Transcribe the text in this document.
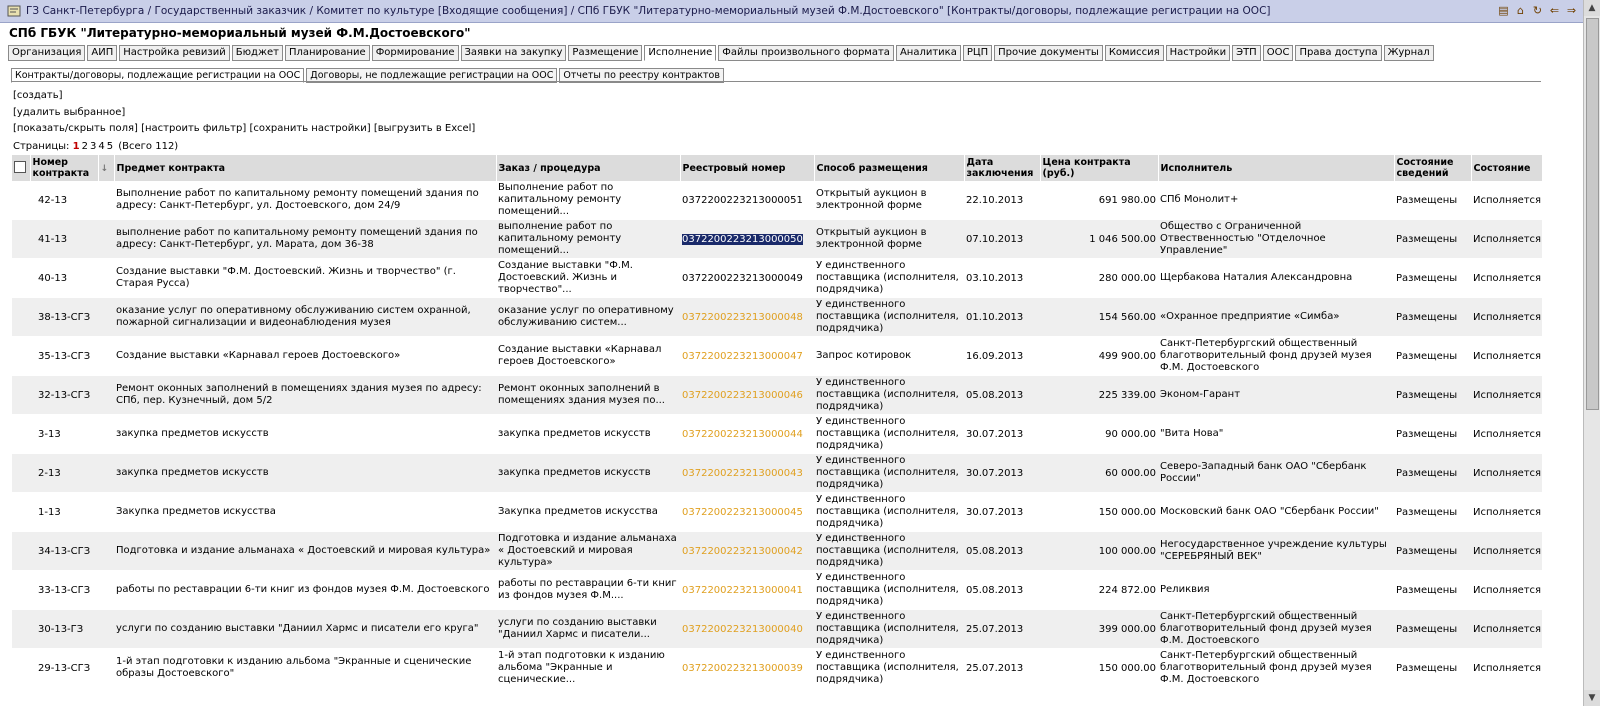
ГЗ Санкт-Петербурга / Государственный заказчик / Комитет по культуре [Входящие сообщения] / СПб ГБУК "Литературно-мемориальный музей Ф.М.Достоевского" [Контракты/договоры, подлежащие регистрации на ООС]	▤ ⌂ ↻ ⇐ ⇒
СПб ГБУК "Литературно-мемориальный музей Ф.М.Достоевского"
Организация	АИП	Настройка ревизий	Бюджет	Планирование	Формирование	Заявки на закупку	Размещение	Исполнение	Файлы произвольного формата	Аналитика	РЦП	Прочие документы	Комиссия	Настройки	ЭТП	ООС	Права доступа	Журнал
Контракты/договоры, подлежащие регистрации на ООС	Договоры, не подлежащие регистрации на ООС	Отчеты по реестру контрактов
[создать]
[удалить выбранное]
[показать/скрыть поля] [настроить фильтр] [сохранить настройки] [выгрузить в Excel]
Страницы: 1 2 3 4 5 (Всего 112)
	Номер контракта	↓	Предмет контракта	Заказ / процедура	Реестровый номер	Способ размещения	Дата заключения	Цена контракта (руб.)	Исполнитель	Состояние сведений	Состояние
	42-13		Выполнение работ по капитальному ремонту помещений здания по адресу: Санкт-Петербург, ул. Достоевского, дом 24/9	Выполнение работ по капитальному ремонту помещений...	0372200223213000051	Открытый аукцион в электронной форме	22.10.2013	691 980.00	СПб Монолит+	Размещены	Исполняется
	41-13		выполнение работ по капитальному ремонту помещений здания по адресу: Санкт-Петербург, ул. Марата, дом 36-38	выполнение работ по капитальному ремонту помещений...	0372200223213000050	Открытый аукцион в электронной форме	07.10.2013	1 046 500.00	Общество с Ограниченной Отвественностью "Отделочное Управление"	Размещены	Исполняется
	40-13		Создание выставки "Ф.М. Достоевский. Жизнь и творчество" (г. Старая Русса)	Создание выставки "Ф.М. Достоевский. Жизнь и творчество"...	0372200223213000049	У единственного поставщика (исполнителя, подрядчика)	03.10.2013	280 000.00	Щербакова Наталия Александровна	Размещены	Исполняется
	38-13-СГЗ		оказание услуг по оперативному обслуживанию систем охранной, пожарной сигнализации и видеонаблюдения музея	оказание услуг по оперативному обслуживанию систем...	0372200223213000048	У единственного поставщика (исполнителя, подрядчика)	01.10.2013	154 560.00	«Охранное предприятие «Симба»	Размещены	Исполняется
	35-13-СГЗ		Создание выставки «Карнавал героев Достоевского»	Создание выставки «Карнавал героев Достоевского»	0372200223213000047	Запрос котировок	16.09.2013	499 900.00	Санкт-Петербургский общественный благотворительный фонд друзей музея Ф.М. Достоевского	Размещены	Исполняется
	32-13-СГЗ		Ремонт оконных заполнений в помещениях здания музея по адресу: СПб, пер. Кузнечный, дом 5/2	Ремонт оконных заполнений в помещениях здания музея по...	0372200223213000046	У единственного поставщика (исполнителя, подрядчика)	05.08.2013	225 339.00	Эконом-Гарант	Размещены	Исполняется
	3-13		закупка предметов искусств	закупка предметов искусств	0372200223213000044	У единственного поставщика (исполнителя, подрядчика)	30.07.2013	90 000.00	"Вита Нова"	Размещены	Исполняется
	2-13		закупка предметов искусств	закупка предметов искусств	0372200223213000043	У единственного поставщика (исполнителя, подрядчика)	30.07.2013	60 000.00	Северо-Западный банк ОАО "Сбербанк России"	Размещены	Исполняется
	1-13		Закупка предметов искусства	Закупка предметов искусства	0372200223213000045	У единственного поставщика (исполнителя, подрядчика)	30.07.2013	150 000.00	Московский банк ОАО "Сбербанк России"	Размещены	Исполняется
	34-13-СГЗ		Подготовка и издание альманаха « Достоевский и мировая культура»	Подготовка и издание альманаха « Достоевский и мировая культура»	0372200223213000042	У единственного поставщика (исполнителя, подрядчика)	05.08.2013	100 000.00	Негосударственное учреждение культуры "СЕРЕБРЯНЫЙ ВЕК"	Размещены	Исполняется
	33-13-СГЗ		работы по реставрации 6-ти книг из фондов музея Ф.М. Достоевского	работы по реставрации 6-ти книг из фондов музея Ф.М....	0372200223213000041	У единственного поставщика (исполнителя, подрядчика)	05.08.2013	224 872.00	Реликвия	Размещены	Исполняется
	30-13-ГЗ		услуги по созданию выставки "Даниил Хармс и писатели его круга"	услуги по созданию выставки "Даниил Хармс и писатели...	0372200223213000040	У единственного поставщика (исполнителя, подрядчика)	25.07.2013	399 000.00	Санкт-Петербургский общественный благотворительный фонд друзей музея Ф.М. Достоевского	Размещены	Исполняется
	29-13-СГЗ		1-й этап подготовки к изданию альбома "Экранные и сценические образы Достоевского"	1-й этап подготовки к изданию альбома "Экранные и сценические...	0372200223213000039	У единственного поставщика (исполнителя, подрядчика)	25.07.2013	150 000.00	Санкт-Петербургский общественный благотворительный фонд друзей музея Ф.М. Достоевского	Размещены	Исполняется
▲
▼
